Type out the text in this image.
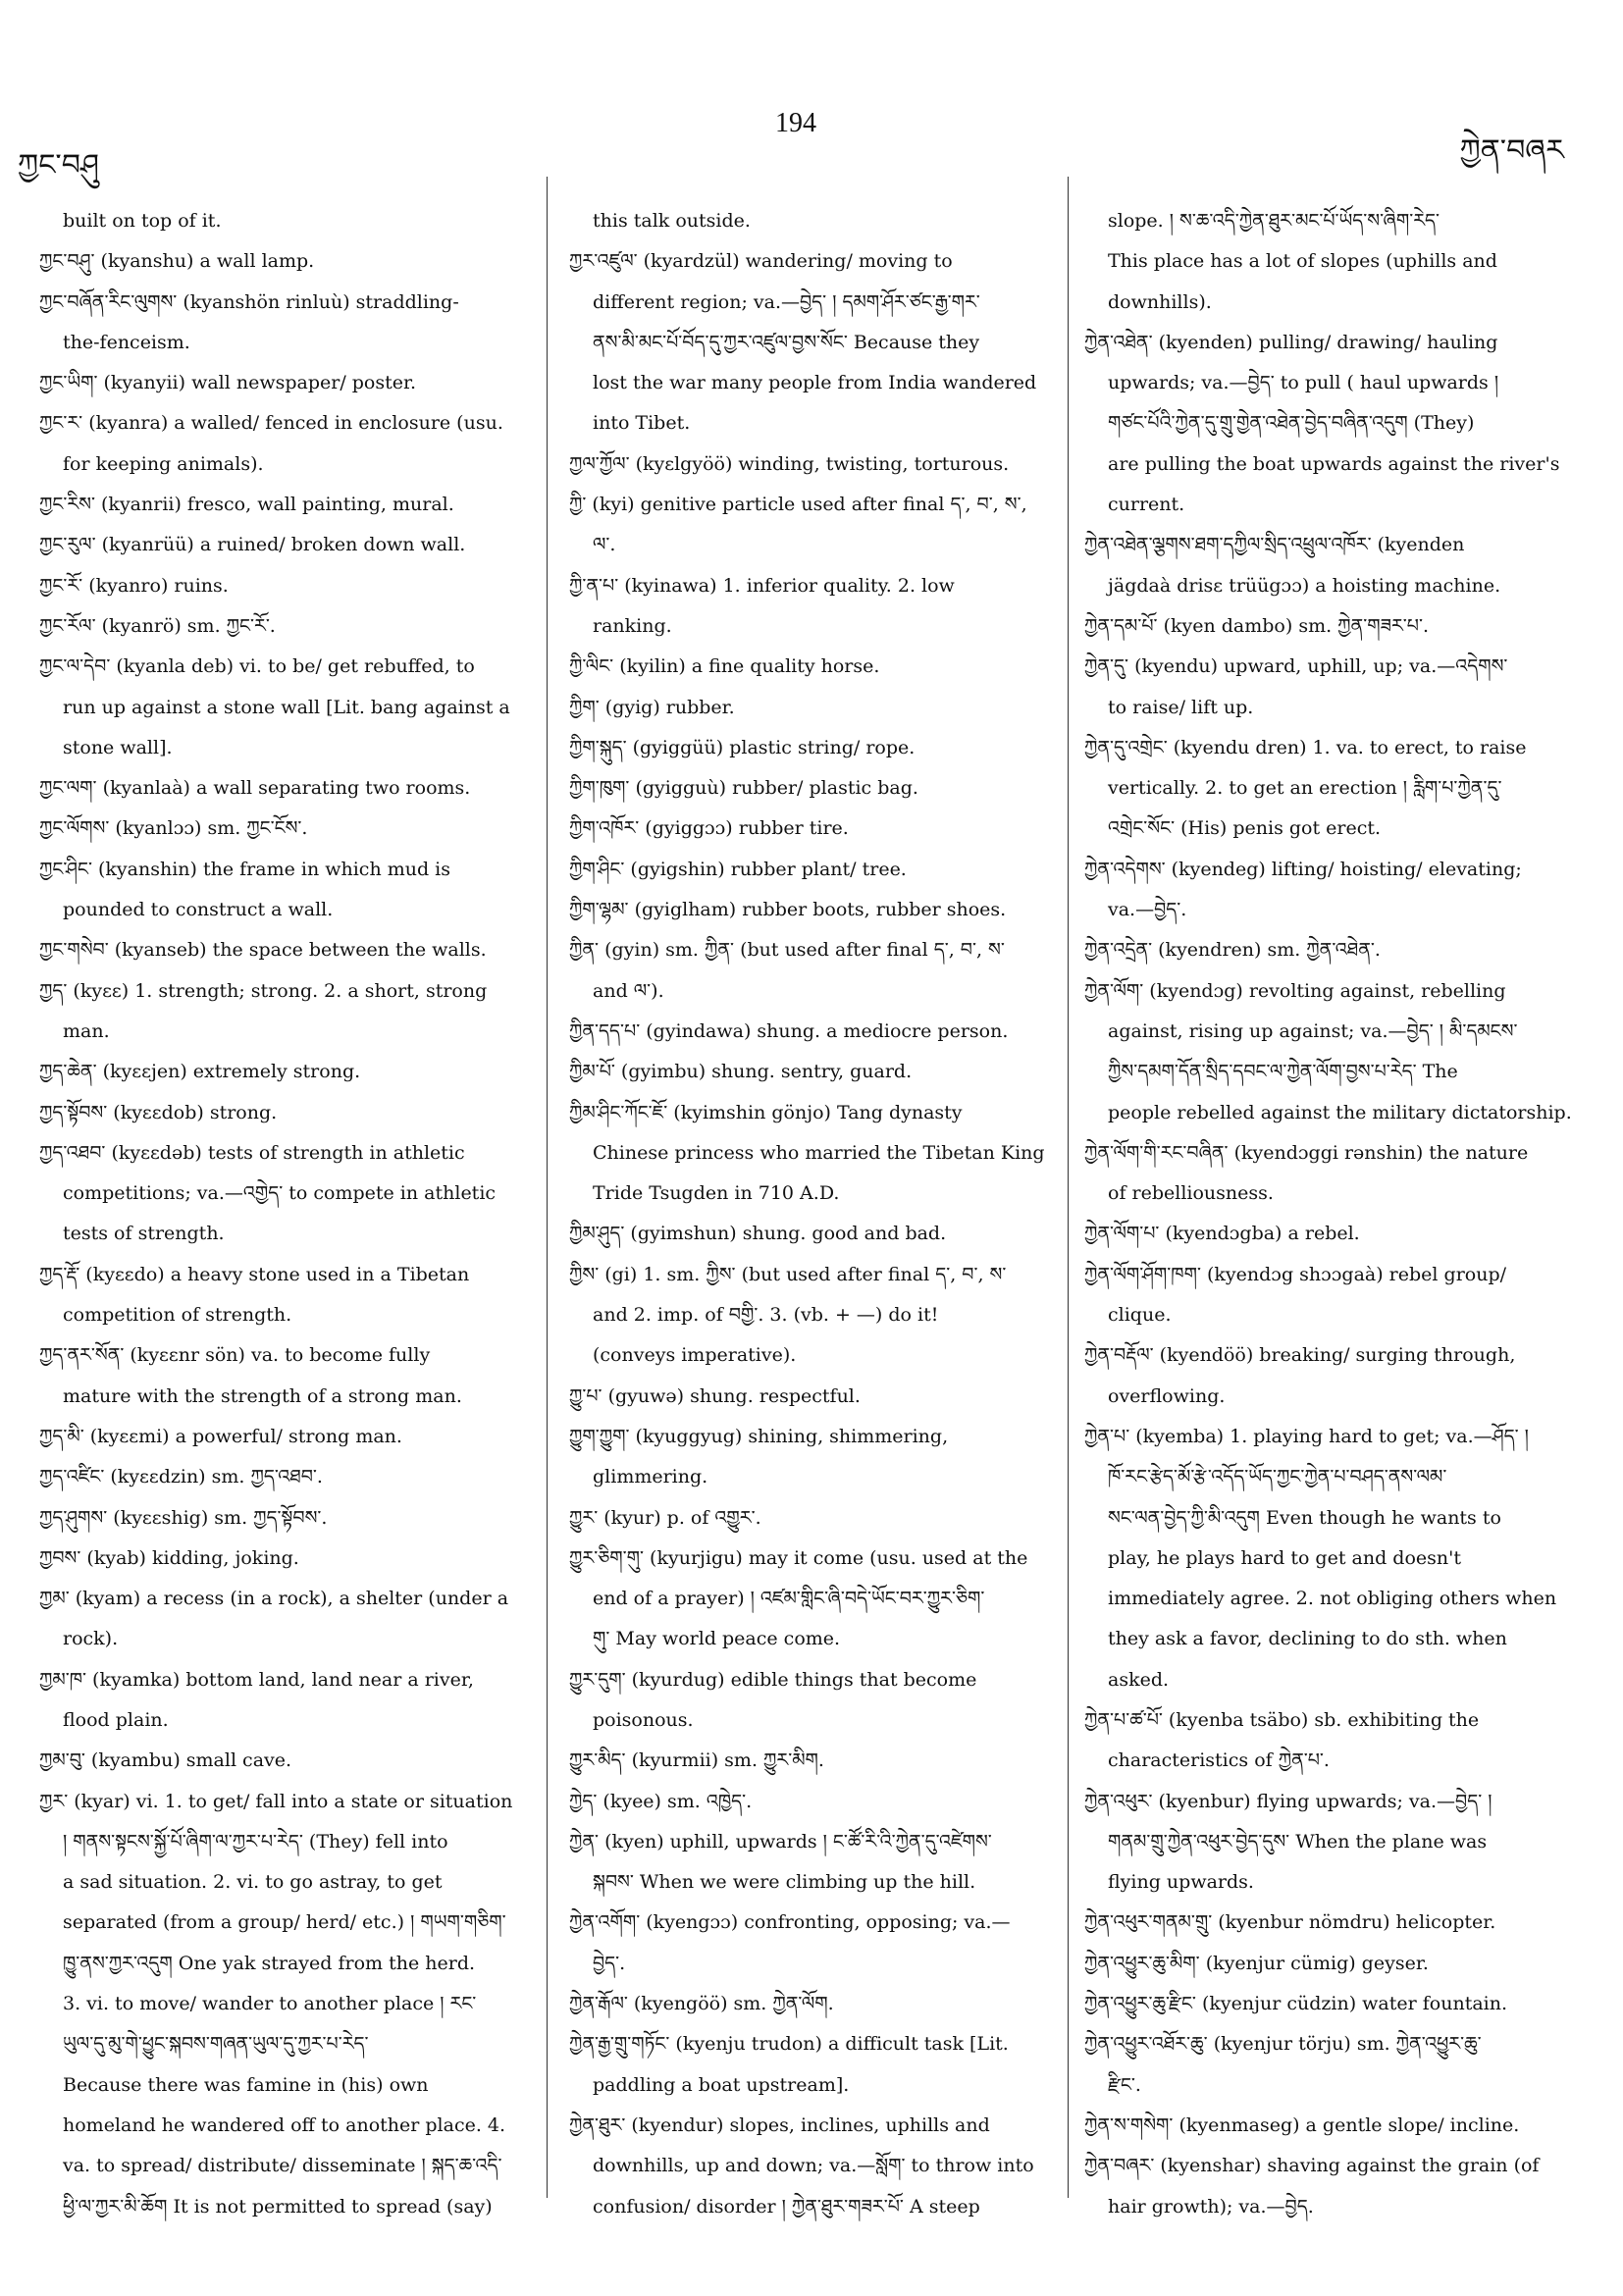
ཀྱང་བཤུ
194
ཀྱེན་བཞར
built on top of it.
ཀྱང་བཤུ་ (kyanshu) a wall lamp.
ཀྱང་བཞོན་རིང་ལུགས་ (kyanshön rinluù) straddling-
the-fenceism.
ཀྱང་ཡིག་ (kyanyii) wall newspaper/ poster.
ཀྱང་ར་ (kyanra) a walled/ fenced in enclosure (usu.
for keeping animals).
ཀྱང་རིས་ (kyanrii) fresco, wall painting, mural.
ཀྱང་རུལ་ (kyanrüü) a ruined/ broken down wall.
ཀྱང་རོ་ (kyanro) ruins.
ཀྱང་རོལ་ (kyanrö) sm. ཀྱང་རོ་.
ཀྱང་ལ་དེབ་ (kyanla deb) vi. to be/ get rebuffed, to
run up against a stone wall [Lit. bang against a
stone wall].
ཀྱང་ལག་ (kyanlaà) a wall separating two rooms.
ཀྱང་ལོགས་ (kyanlɔɔ) sm. ཀྱང་ངོས་.
ཀྱང་ཤིང་ (kyanshin) the frame in which mud is
pounded to construct a wall.
ཀྱང་གསེབ་ (kyanseb) the space between the walls.
ཀྱད་ (kyɛɛ) 1. strength; strong. 2. a short, strong
man.
ཀྱད་ཆེན་ (kyɛɛjen) extremely strong.
ཀྱད་སྟོབས་ (kyɛɛdob) strong.
ཀྱད་འཐབ་ (kyɛɛdəb) tests of strength in athletic
competitions; va.—འགྱེད་ to compete in athletic
tests of strength.
ཀྱད་རྡོ་ (kyɛɛdo) a heavy stone used in a Tibetan
competition of strength.
ཀྱད་ནར་སོན་ (kyɛɛnr sön) va. to become fully
mature with the strength of a strong man.
ཀྱད་མི་ (kyɛɛmi) a powerful/ strong man.
ཀྱད་འཛིང་ (kyɛɛdzin) sm. ཀྱད་འཐབ་.
ཀྱད་ཤུགས་ (kyɛɛshig) sm. ཀྱད་སྟོབས་.
ཀྱབས་ (kyab) kidding, joking.
ཀྱམ་ (kyam) a recess (in a rock), a shelter (under a
rock).
ཀྱམ་ཁ་ (kyamka) bottom land, land near a river,
flood plain.
ཀྱམ་བུ་ (kyambu) small cave.
ཀྱར་ (kyar) vi. 1. to get/ fall into a state or situation
། གནས་སྟངས་སྐྱོ་པོ་ཞིག་ལ་ཀྱར་པ་རེད་ (They) fell into
a sad situation. 2. vi. to go astray, to get
separated (from a group/ herd/ etc.) ། གཡག་གཅིག་
ཁྱུ་ནས་ཀྱར་འདུག One yak strayed from the herd.
3. vi. to move/ wander to another place ། རང་
ཡུལ་དུ་མུ་གེ་ཕྱུང་སྐབས་གཞན་ཡུལ་དུ་ཀྱར་པ་རེད་
Because there was famine in (his) own
homeland he wandered off to another place. 4.
va. to spread/ distribute/ disseminate ། སྐད་ཆ་འདི་
ཕྱི་ལ་ཀྱར་མི་ཆོག It is not permitted to spread (say)
this talk outside.
ཀྱར་འཛུལ་ (kyardzül) wandering/ moving to
different region; va.—བྱེད་ ། དམག་ཤོར་ཙང་རྒྱ་གར་
ནས་མི་མང་པོ་བོད་དུ་ཀྱར་འཛུལ་བྱས་སོང་ Because they
lost the war many people from India wandered
into Tibet.
ཀྱལ་ཀྱོལ་ (kyɛlgyöö) winding, twisting, torturous.
ཀྱི་ (kyi) genitive particle used after final ད་, བ་, ས་,
ལ་.
ཀྱི་ན་པ་ (kyinawa) 1. inferior quality. 2. low
ranking.
ཀྱི་ལིང་ (kyilin) a fine quality horse.
ཀྱིག་ (gyig) rubber.
ཀྱིག་སྐུད་ (gyiggüü) plastic string/ rope.
ཀྱིག་ཁུག་ (gyigguù) rubber/ plastic bag.
ཀྱིག་འཁོར་ (gyiggɔɔ) rubber tire.
ཀྱིག་ཤིང་ (gyigshin) rubber plant/ tree.
ཀྱིག་ལྷམ་ (gyiglham) rubber boots, rubber shoes.
ཀྱིན་ (gyin) sm. ཀྱིན་ (but used after final ད་, བ་, ས་
and ལ་).
ཀྱིན་དད་པ་ (gyindawa) shung. a mediocre person.
ཀྱིམ་པོ་ (gyimbu) shung. sentry, guard.
ཀྱིམ་ཤིང་ཀོང་ཇོ་ (kyimshin gönjo) Tang dynasty
Chinese princess who married the Tibetan King
Tride Tsugden in 710 A.D.
ཀྱིམ་ཤུད་ (gyimshun) shung. good and bad.
ཀྱིས་ (gi) 1. sm. ཀྱིས་ (but used after final ད་, བ་, ས་
and 2. imp. of བགྱི་. 3. (vb. + —) do it!
(conveys imperative).
ཀྱུ་པ་ (gyuwə) shung. respectful.
ཀྱུག་ཀྱུག་ (kyuggyug) shining, shimmering,
glimmering.
ཀྱུར་ (kyur) p. of འགྱུར་.
ཀྱུར་ཅིག་གུ་ (kyurjigu) may it come (usu. used at the
end of a prayer) ། འཛམ་གླིང་ཞི་བདེ་ཡོང་བར་ཀྱུར་ཅིག་
གུ་ May world peace come.
ཀྱུར་དུག་ (kyurdug) edible things that become
poisonous.
ཀྱུར་མིད་ (kyurmii) sm. ཀྱུར་མིག.
ཀྱེད་ (kyee) sm. འཁྱེད་.
ཀྱེན་ (kyen) uphill, upwards ། ང་ཚོ་རི་འི་ཀྱེན་དུ་འཛེགས་
སྐབས་ When we were climbing up the hill.
ཀྱེན་འགོག་ (kyengɔɔ) confronting, opposing; va.—
བྱེད་.
ཀྱེན་རྒོལ་ (kyengöö) sm. ཀྱེན་ལོག.
ཀྱེན་རྒྱ་གྲུ་གཏོང་ (kyenju trudon) a difficult task [Lit.
paddling a boat upstream].
ཀྱེན་ཐུར་ (kyendur) slopes, inclines, uphills and
downhills, up and down; va.—སློག་ to throw into
confusion/ disorder ། ཀྱེན་ཐུར་གཟར་པོ་ A steep
slope. ། ས་ཆ་འདི་ཀྱེན་ཐུར་མང་པོ་ཡོད་ས་ཞིག་རེད་
This place has a lot of slopes (uphills and
downhills).
ཀྱེན་འཐེན་ (kyenden) pulling/ drawing/ hauling
upwards; va.—བྱེད་ to pull ( haul upwards །
གཙང་པོའི་ཀྱེན་དུ་གྲུ་གྱེན་འཐེན་བྱེད་བཞིན་འདུག (They)
are pulling the boat upwards against the river's
current.
ཀྱེན་འཐེན་ལྕགས་ཐག་དཀྱིལ་སྲིད་འཕྲུལ་འཁོར་ (kyenden
jägdaà drisɛ trüügɔɔ) a hoisting machine.
ཀྱེན་དམ་པོ་ (kyen dambo) sm. ཀྱེན་གཟར་པ་.
ཀྱེན་དུ་ (kyendu) upward, uphill, up; va.—འདེགས་
to raise/ lift up.
ཀྱེན་དུ་འགྲེང་ (kyendu dren) 1. va. to erect, to raise
vertically. 2. to get an erection ། རླིག་པ་ཀྱེན་དུ་
འགྲེང་སོང་ (His) penis got erect.
ཀྱེན་འདེགས་ (kyendeg) lifting/ hoisting/ elevating;
va.—བྱེད་.
ཀྱེན་འདྲེན་ (kyendren) sm. ཀྱེན་འཐེན་.
ཀྱེན་ལོག་ (kyendɔg) revolting against, rebelling
against, rising up against; va.—བྱེད་ ། མི་དམངས་
ཀྱིས་དམག་དོན་སྲིད་དབང་ལ་ཀྱེན་ལོག་བྱས་པ་རེད་ The
people rebelled against the military dictatorship.
ཀྱེན་ལོག་གི་རང་བཞིན་ (kyendɔggi rənshin) the nature
of rebelliousness.
ཀྱེན་ལོག་པ་ (kyendɔgba) a rebel.
ཀྱེན་ལོག་ཤོག་ཁག་ (kyendɔg shɔɔgaà) rebel group/
clique.
ཀྱེན་བརྡོལ་ (kyendöö) breaking/ surging through,
overflowing.
ཀྱེན་པ་ (kyemba) 1. playing hard to get; va.—ཤོད་ །
ཁོ་རང་རྩེད་མོ་རྩེ་འདོད་ཡོད་ཀྱང་ཀྱེན་པ་བཤད་ནས་ལམ་
སང་ལན་བྱེད་ཀྱི་མི་འདུག Even though he wants to
play, he plays hard to get and doesn't
immediately agree. 2. not obliging others when
they ask a favor, declining to do sth. when
asked.
ཀྱེན་པ་ཚ་པོ་ (kyenba tsäbo) sb. exhibiting the
characteristics of ཀྱེན་པ་.
ཀྱེན་འཕུར་ (kyenbur) flying upwards; va.—བྱེད་ །
གནམ་གྲུ་ཀྱེན་འཕུར་བྱེད་དུས་ When the plane was
flying upwards.
ཀྱེན་འཕུར་གནམ་གྲུ་ (kyenbur nömdru) helicopter.
ཀྱེན་འཕྱུར་ཆུ་མིག་ (kyenjur cümig) geyser.
ཀྱེན་འཕྱུར་ཆུ་རྫིང་ (kyenjur cüdzin) water fountain.
ཀྱེན་འཕྱུར་འཐོར་ཆུ་ (kyenjur törju) sm. ཀྱེན་འཕྱུར་ཆུ་
རྫིང་.
ཀྱེན་ས་གསེག་ (kyenmaseg) a gentle slope/ incline.
ཀྱེན་བཞར་ (kyenshar) shaving against the grain (of
hair growth); va.—བྱེད.
